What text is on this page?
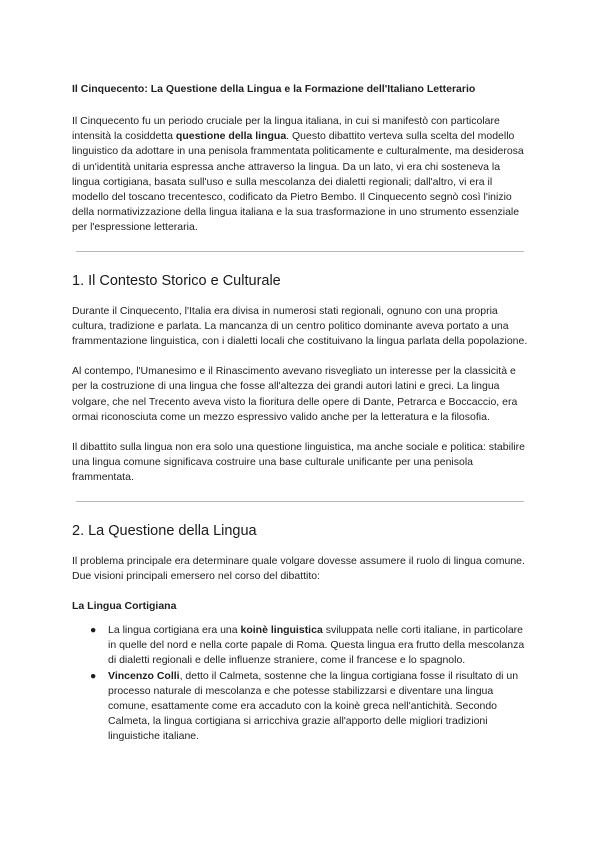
Il Cinquecento: La Questione della Lingua e la Formazione dell'Italiano Letterario

Il Cinquecento fu un periodo cruciale per la lingua italiana, in cui si manifestò con particolare intensità la cosiddetta questione della lingua. Questo dibattito verteva sulla scelta del modello linguistico da adottare in una penisola frammentata politicamente e culturalmente, ma desiderosa di un'identità unitaria espressa anche attraverso la lingua. Da un lato, vi era chi sosteneva la lingua cortigiana, basata sull'uso e sulla mescolanza dei dialetti regionali; dall'altro, vi era il modello del toscano trecentesco, codificato da Pietro Bembo. Il Cinquecento segnò così l'inizio della normativizzazione della lingua italiana e la sua trasformazione in uno strumento essenziale per l'espressione letteraria.

1. Il Contesto Storico e Culturale

Durante il Cinquecento, l'Italia era divisa in numerosi stati regionali, ognuno con una propria cultura, tradizione e parlata. La mancanza di un centro politico dominante aveva portato a una frammentazione linguistica, con i dialetti locali che costituivano la lingua parlata della popolazione.

Al contempo, l'Umanesimo e il Rinascimento avevano risvegliato un interesse per la classicità e per la costruzione di una lingua che fosse all'altezza dei grandi autori latini e greci. La lingua volgare, che nel Trecento aveva visto la fioritura delle opere di Dante, Petrarca e Boccaccio, era ormai riconosciuta come un mezzo espressivo valido anche per la letteratura e la filosofia.

Il dibattito sulla lingua non era solo una questione linguistica, ma anche sociale e politica: stabilire una lingua comune significava costruire una base culturale unificante per una penisola frammentata.

2. La Questione della Lingua

Il problema principale era determinare quale volgare dovesse assumere il ruolo di lingua comune. Due visioni principali emersero nel corso del dibattito:

La Lingua Cortigiana
● La lingua cortigiana era una koinè linguistica sviluppata nelle corti italiane, in particolare in quelle del nord e nella corte papale di Roma. Questa lingua era frutto della mescolanza di dialetti regionali e delle influenze straniere, come il francese e lo spagnolo.
● Vincenzo Colli, detto il Calmeta, sostenne che la lingua cortigiana fosse il risultato di un processo naturale di mescolanza e che potesse stabilizzarsi e diventare una lingua comune, esattamente come era accaduto con la koinè greca nell'antichità. Secondo Calmeta, la lingua cortigiana si arricchiva grazie all'apporto delle migliori tradizioni linguistiche italiane.
